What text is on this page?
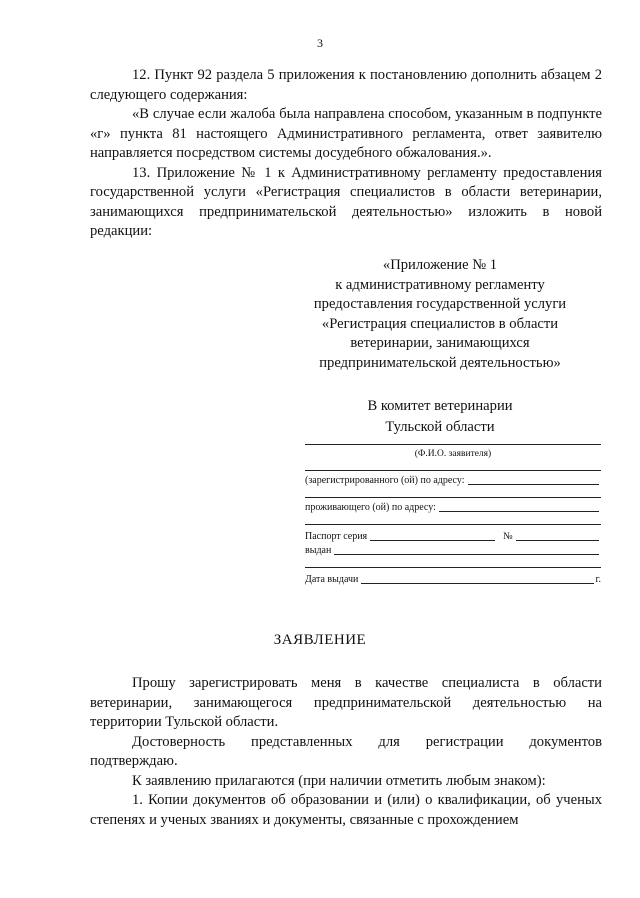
3

12. Пункт 92 раздела 5 приложения к постановлению дополнить абзацем 2 следующего содержания:

«В случае если жалоба была направлена способом, указанным в подпункте «г» пункта 81 настоящего Административного регламента, ответ заявителю направляется посредством системы досудебного обжалования.».

13. Приложение № 1 к Административному регламенту предоставления государственной услуги «Регистрация специалистов в области ветеринарии, занимающихся предпринимательской деятельностью» изложить в новой редакции:

«Приложение № 1
к административному регламенту
предоставления государственной услуги
«Регистрация специалистов в области
ветеринарии, занимающихся
предпринимательской деятельностью»
В комитет ветеринарии
Тульской области
(Ф.И.О. заявителя)
(зарегистрированного (ой) по адресу:
проживающего (ой) по адресу:
Паспорт серия	№
выдан
Дата выдачи	г.
ЗАЯВЛЕНИЕ

Прошу зарегистрировать меня в качестве специалиста в области ветеринарии, занимающегося предпринимательской деятельностью на территории Тульской области.

Достоверность представленных для регистрации документов подтверждаю.

К заявлению прилагаются (при наличии отметить любым знаком):

1. Копии документов об образовании и (или) о квалификации, об ученых степенях и ученых званиях и документы, связанные с прохождением
